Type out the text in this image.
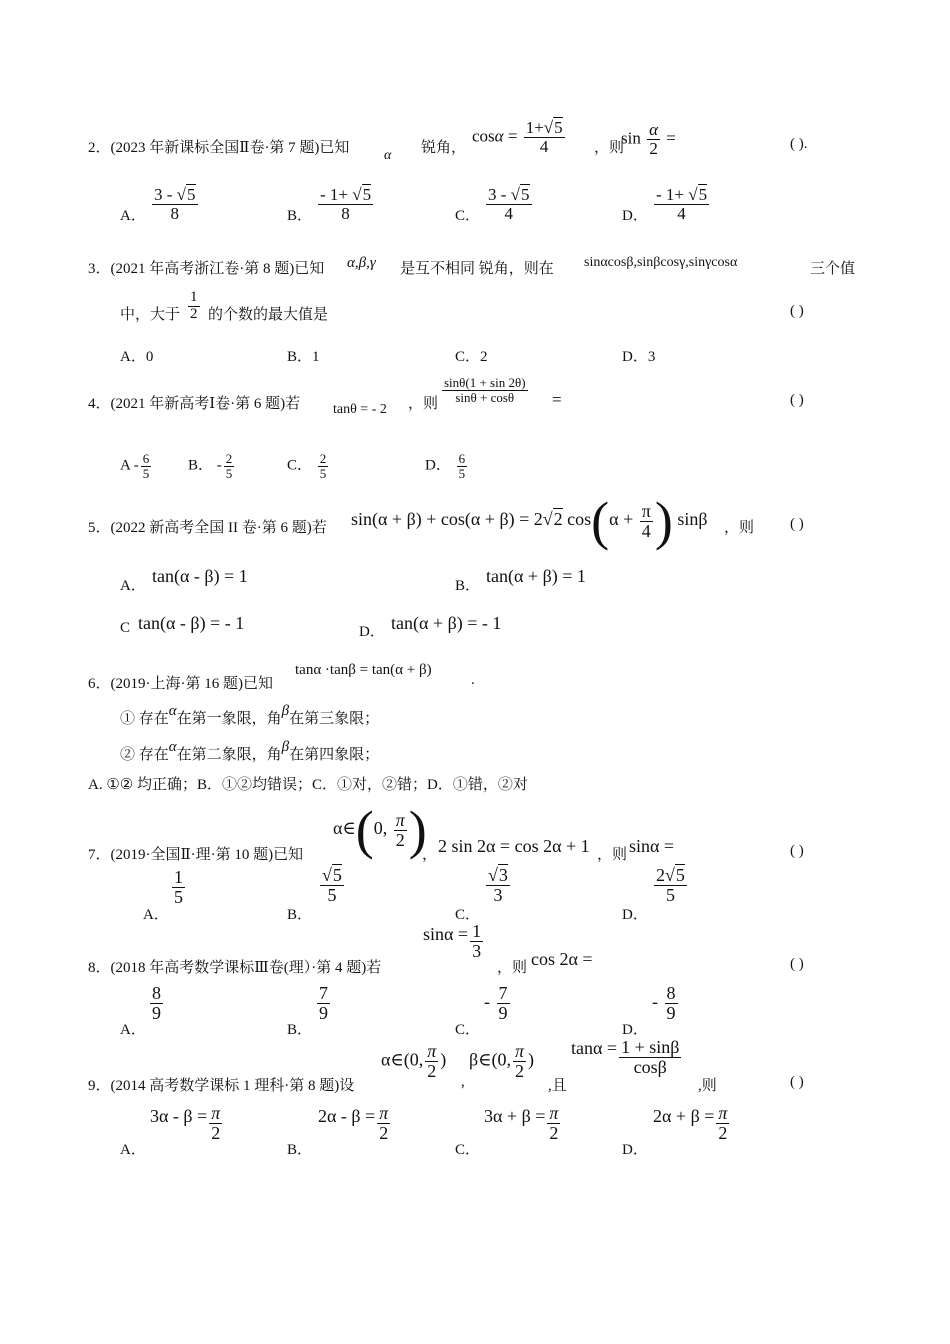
2．(2023 年新课标全国Ⅱ卷·第 7 题)已知 α 锐角，
$\cos\alpha = \frac{1+√5}{4}$ ，则
$\sin \frac{\alpha}{2}$ =	( ).
A． $\frac{3 - √5}{8}$	B． $\frac{- 1+ √5}{8}$	C． $\frac{3 - √5}{4}$	D． $\frac{- 1+ √5}{4}$
3．(2021 年高考浙江卷·第 8 题)已知 α,β,γ 是互不相同 锐角，则在 sinαcosβ,sinβcosγ,sinγcosα	三个值
中，大于 $\frac{1}{2}$ 的个数的最大值是	( )
A．0	B．1	C．2	D．3
4．(2021 年新高考Ⅰ卷·第 6 题)若 tanθ = - 2 ，则 $\frac{\sin\theta(1 + \sin 2\theta)}{\sin\theta + \cos\theta}$ =	( )
A - $\frac{6}{5}$ B． - $\frac{2}{5}$	C． $\frac{2}{5}$	D． $\frac{6}{5}$
5．(2022 新高考全国 II 卷·第 6 题)若 sin(α + β) + cos(α + β) = 2√2 $\cos(\alpha + \frac{\pi}{4}$ ) sinβ ，则 ( )
A． tan(α - β) = 1	B． tan(α + β) = 1
C tan(α - β) = - 1	D． tan(α + β) = - 1
6．(2019·上海·第 16 题)已知
tanα ·tanβ = tan(α + β)
.
① 存在α在第一象限，角β在第三象限；
② 存在α在第二象限，角β在第四象限；
A. ①② 均正确；B．①②均错误；C．①对，②错；D．①错，②对
7．(2019·全国Ⅱ·理·第 10 题)已知
α∈(0, $\frac{\pi}{2}$ )
， 2 sin 2α = cos 2α + 1 ，则 sinα =	( )
A．
$\frac{1}{5}$
B．
$\frac{√5}{5}$
C．
$\frac{√3}{3}$
D．
$\frac{2√5}{5}$
8．(2018 年高考数学课标Ⅲ卷(理）·第 4 题)若
$\sin\alpha = \frac{1}{3}$
，则 cos 2α =	( )
A．
$\frac{8}{9}$
B．
$\frac{7}{9}$
C．
- $\frac{7}{9}$
D．
- $\frac{8}{9}$
9．(2014 高考数学课标 1 理科·第 8 题)设
α∈(0, $\frac{\pi}{2}$ )
,
β∈(0, $\frac{\pi}{2}$ )
,且
$\tan\alpha = \frac{1 + \sin\beta}{\cos\beta}$
,则	( )
A．
$3\alpha - \beta = \frac{\pi}{2}$
B．
$2\alpha - \beta = \frac{\pi}{2}$
C．
$3\alpha + \beta = \frac{\pi}{2}$
D．
$2\alpha + \beta = \frac{\pi}{2}$
